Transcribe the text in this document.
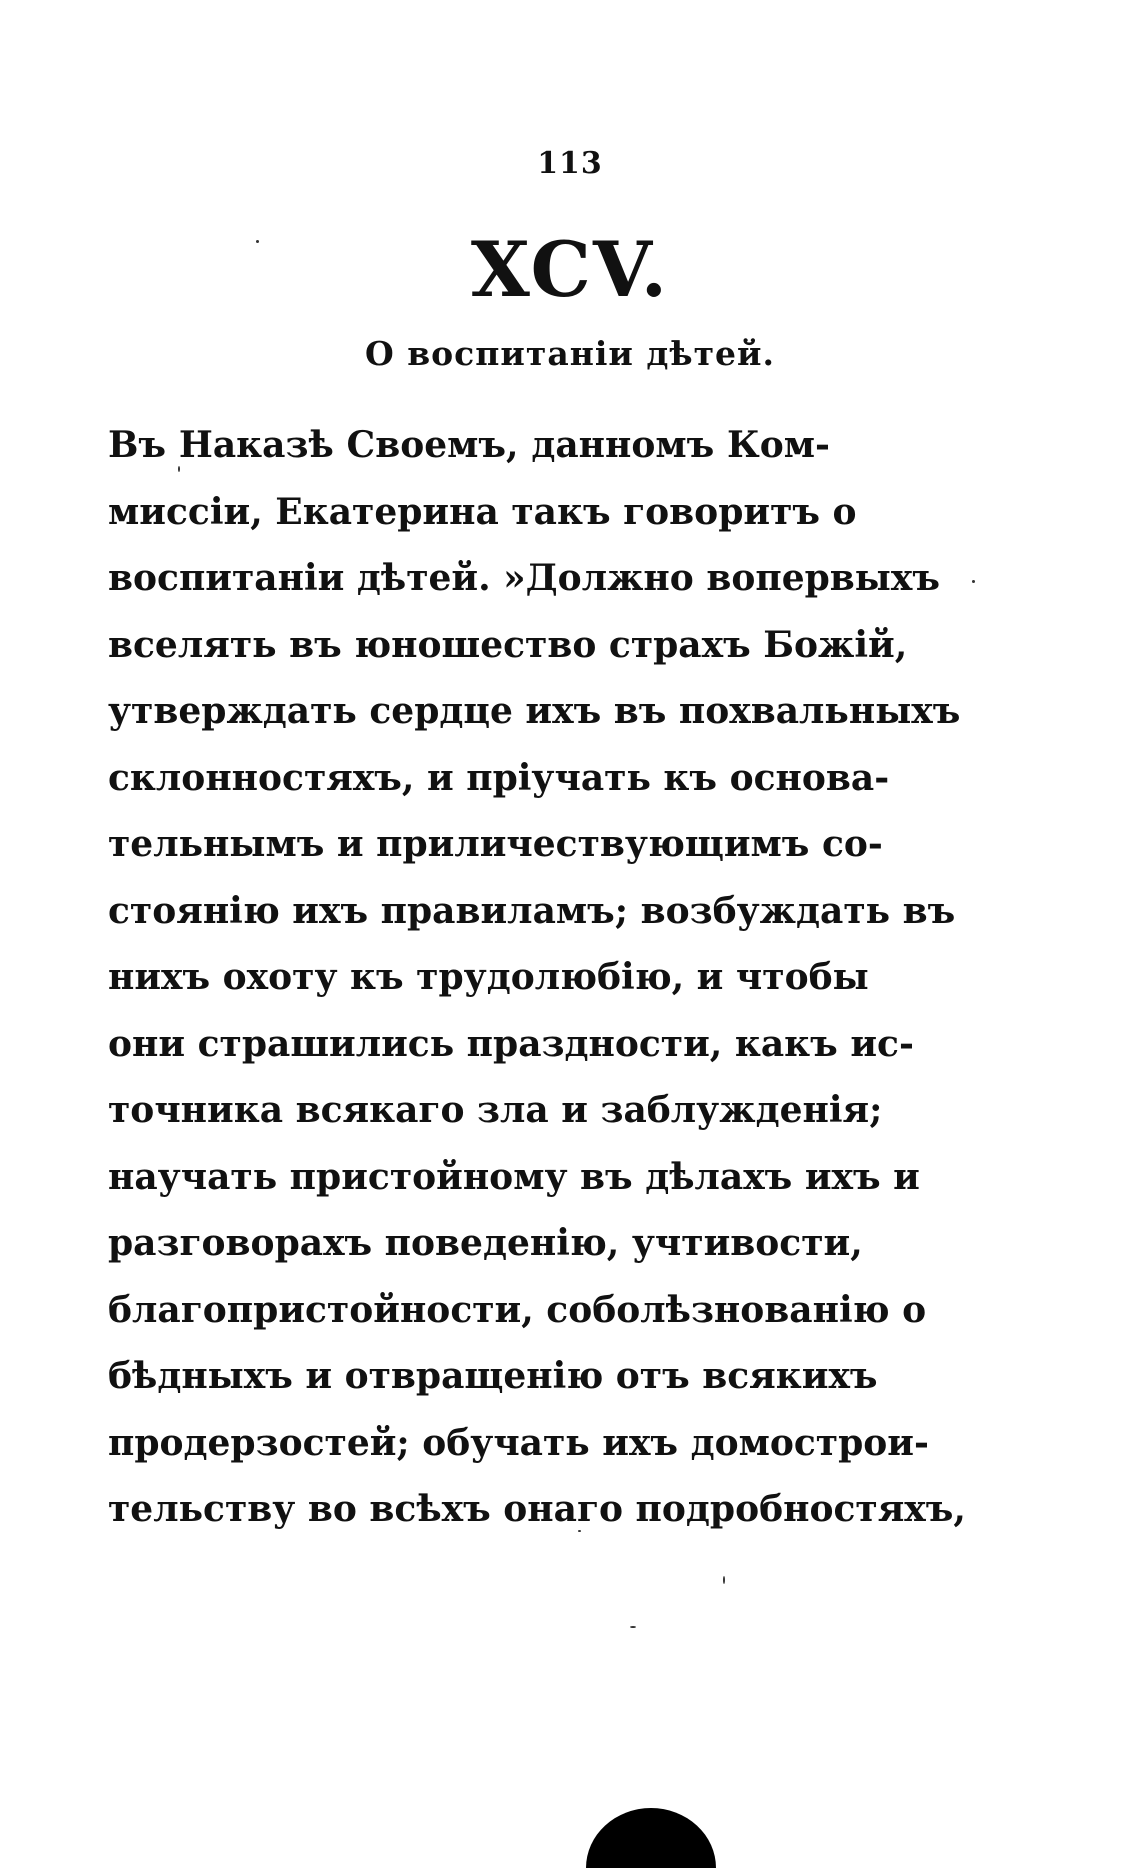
113
XCV.
О воспитанiи дѣтей.
Въ Наказѣ Своемъ, данномъ Ком-
миссiи, Екатерина такъ говоритъ о
воспитанiи дѣтей. »Должно вопервыхъ
вселять въ юношество страхъ Божiй,
утверждать сердце ихъ въ похвальныхъ
склонностяхъ, и прiучать къ основа-
тельнымъ и приличествующимъ со-
стоянiю ихъ правиламъ; возбуждать въ
нихъ охоту къ трудолюбiю, и чтобы
они страшились праздности, какъ ис-
точника всякаго зла и заблужденiя;
научать пристойному въ дѣлахъ ихъ и
разговорахъ поведенiю, учтивости,
благопристойности, соболѣзнованiю о
бѣдныхъ и отвращенiю отъ всякихъ
продерзостей; обучать ихъ домострои-
тельству во всѣхъ онаго подробностяхъ,
